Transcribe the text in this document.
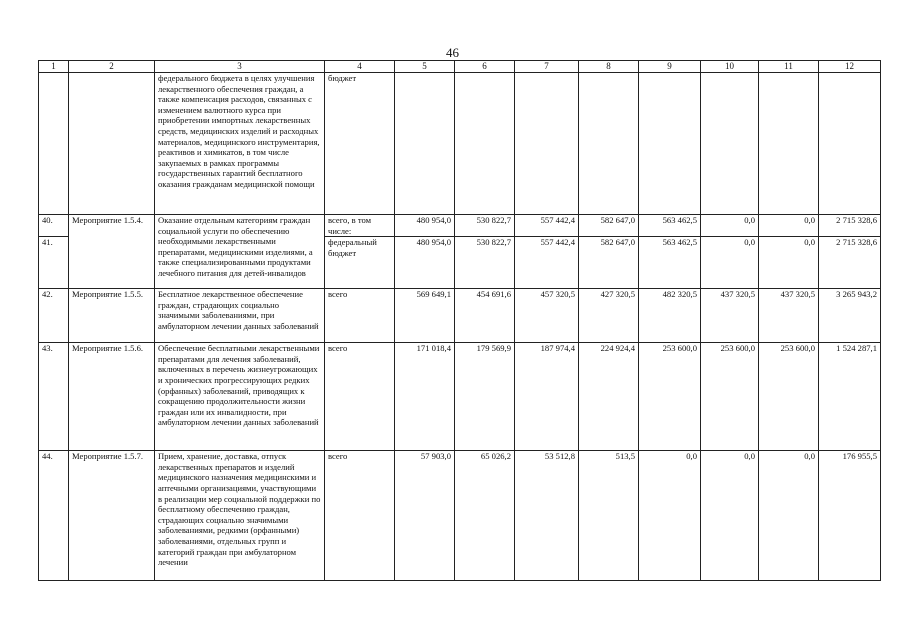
46
1	2	3	4	5	6	7	8	9	10	11	12
		федерального бюджета в целях улучшения лекарственного обеспечения граждан, а также компенсация расходов, связанных с изменением валютного курса при приобретении импортных лекарственных средств, медицинских изделий и расходных материалов, медицинского инструментария, реактивов и химикатов, в том числе закупаемых в рамках программы государственных гарантий бесплатного оказания гражданам медицинской помощи	бюджет								
40.	Мероприятие 1.5.4.	Оказание отдельным категориям граждан социальной услуги по обеспечению необходимыми лекарственными препаратами, медицинскими изделиями, а также специализированными продуктами лечебного питания для детей-инвалидов	всего, в том числе:	480 954,0	530 822,7	557 442,4	582 647,0	563 462,5	0,0	0,0	2 715 328,6
41.			федеральный бюджет	480 954,0	530 822,7	557 442,4	582 647,0	563 462,5	0,0	0,0	2 715 328,6
42.	Мероприятие 1.5.5.	Бесплатное лекарственное обеспечение граждан, страдающих социально значимыми заболеваниями, при амбулаторном лечении данных заболеваний	всего	569 649,1	454 691,6	457 320,5	427 320,5	482 320,5	437 320,5	437 320,5	3 265 943,2
43.	Мероприятие 1.5.6.	Обеспечение бесплатными лекарственными препаратами для лечения заболеваний, включенных в перечень жизнеугрожающих и хронических прогрессирующих редких (орфанных) заболеваний, приводящих к сокращению продолжительности жизни граждан или их инвалидности, при амбулаторном лечении данных заболеваний	всего	171 018,4	179 569,9	187 974,4	224 924,4	253 600,0	253 600,0	253 600,0	1 524 287,1
44.	Мероприятие 1.5.7.	Прием, хранение, доставка, отпуск лекарственных препаратов и изделий медицинского назначения медицинскими и аптечными организациями, участвующими в реализации мер социальной поддержки по бесплатному обеспечению граждан, страдающих социально значимыми заболеваниями, редкими (орфанными) заболеваниями, отдельных групп и категорий граждан при амбулаторном лечении	всего	57 903,0	65 026,2	53 512,8	513,5	0,0	0,0	0,0	176 955,5
